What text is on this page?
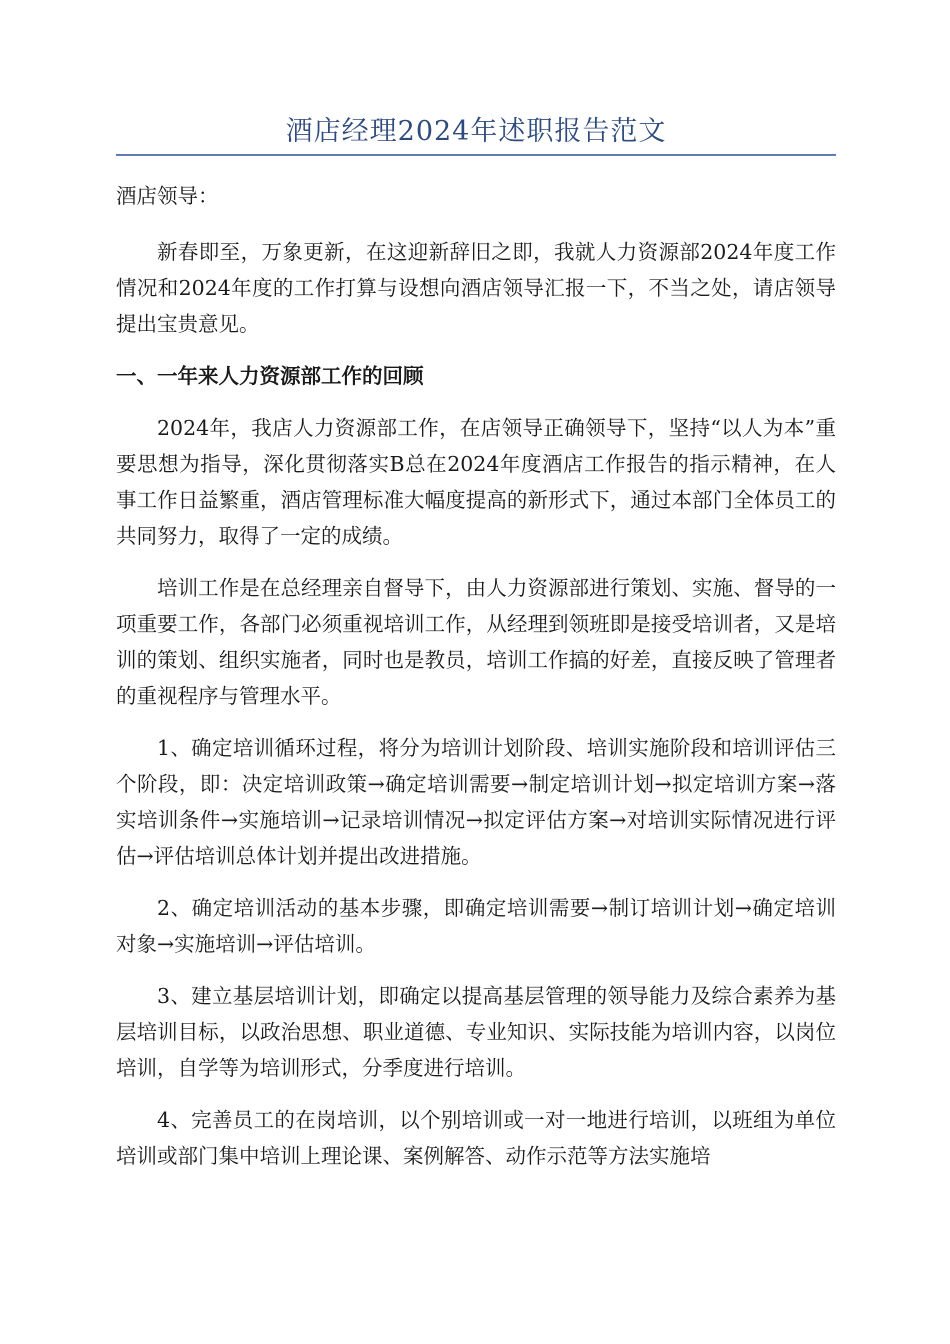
酒店经理2024年述职报告范文

酒店领导：

新春即至，万象更新，在这迎新辞旧之即，我就人力资源部2024年度工作情况和2024年度的工作打算与设想向酒店领导汇报一下，不当之处，请店领导提出宝贵意见。

一、一年来人力资源部工作的回顾

2024年，我店人力资源部工作，在店领导正确领导下，坚持“以人为本”重要思想为指导，深化贯彻落实B总在2024年度酒店工作报告的指示精神，在人事工作日益繁重，酒店管理标准大幅度提高的新形式下，通过本部门全体员工的共同努力，取得了一定的成绩。

培训工作是在总经理亲自督导下，由人力资源部进行策划、实施、督导的一项重要工作，各部门必须重视培训工作，从经理到领班即是接受培训者，又是培训的策划、组织实施者，同时也是教员，培训工作搞的好差，直接反映了管理者的重视程序与管理水平。

1、确定培训循环过程，将分为培训计划阶段、培训实施阶段和培训评估三个阶段，即：决定培训政策→确定培训需要→制定培训计划→拟定培训方案→落实培训条件→实施培训→记录培训情况→拟定评估方案→对培训实际情况进行评估→评估培训总体计划并提出改进措施。

2、确定培训活动的基本步骤，即确定培训需要→制订培训计划→确定培训对象→实施培训→评估培训。

3、建立基层培训计划，即确定以提高基层管理的领导能力及综合素养为基层培训目标，以政治思想、职业道德、专业知识、实际技能为培训内容，以岗位培训，自学等为培训形式，分季度进行培训。

4、完善员工的在岗培训，以个别培训或一对一地进行培训，以班组为单位培训或部门集中培训上理论课、案例解答、动作示范等方法实施培
